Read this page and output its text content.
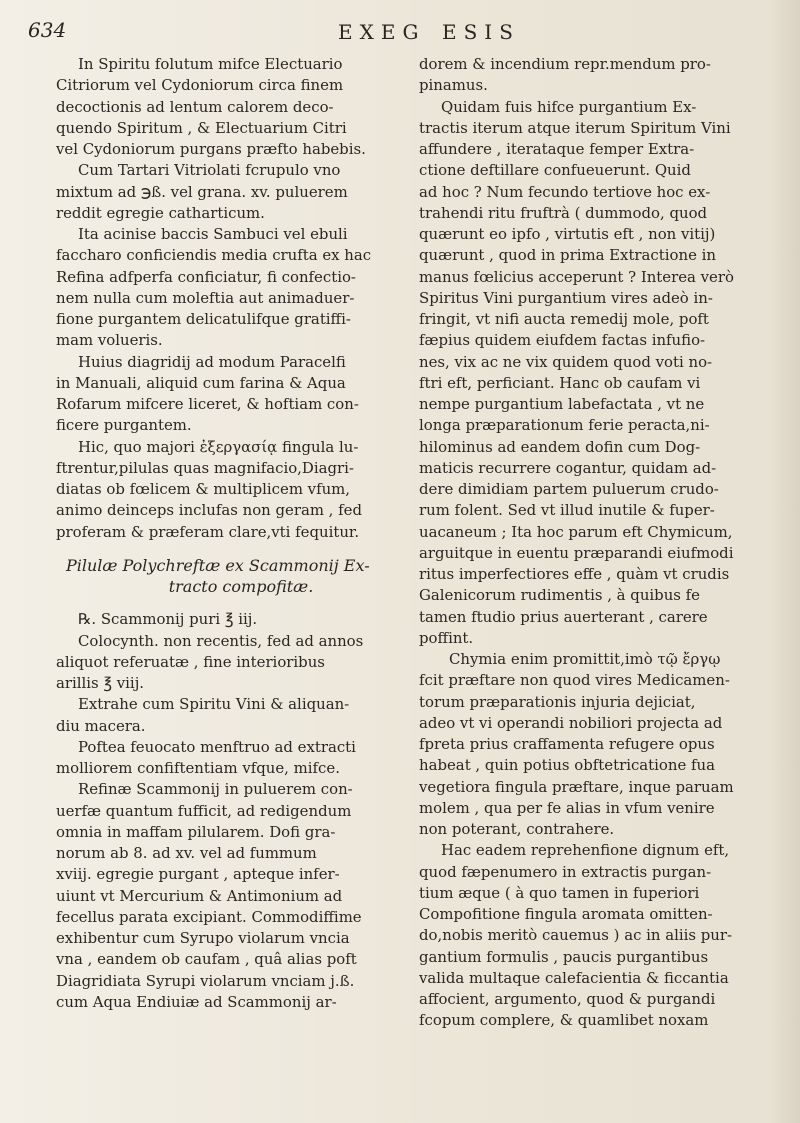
634	EXEG ESIS
In Spiritu folutum mifce Electuario
Citriorum vel Cydoniorum circa finem
decoctionis ad lentum calorem deco-
quendo Spiritum , & Electuarium Citri
vel Cydoniorum purgans præfto habebis.
Cum Tartari Vitriolati fcrupulo vno
mixtum ad ℈ß. vel grana. xv. puluerem
reddit egregie catharticum.
Ita acinise baccis Sambuci vel ebuli
faccharo conficiendis media crufta ex hac
Refina adfperfa conficiatur, fi confectio-
nem nulla cum moleftia aut animaduer-
fione purgantem delicatulifque gratiffi-
mam volueris.
Huius diagridij ad modum Paracelfi
in Manuali, aliquid cum farina & Aqua
Rofarum mifcere liceret, & hoftiam con-
ficere purgantem.
Hic, quo majori ἐξεργασίᾳ fingula lu-
ftrentur,pilulas quas magnifacio,Diagri-
diatas ob fœlicem & multiplicem vfum,
animo deinceps inclufas non geram , fed
proferam & præferam clare,vti fequitur.
Pilulæ Polychreftæ ex Scammonij Ex-
tracto compofitæ.
℞. Scammonij puri ℥ iij.
Colocynth. non recentis, fed ad annos
aliquot referuatæ , fine interioribus
arillis ℥ viij.
Extrahe cum Spiritu Vini & aliquan-
diu macera.
Poftea feuocato menftruo ad extracti
molliorem confiftentiam vfque, mifce.
Refinæ Scammonij in puluerem con-
uerfæ quantum fufficit, ad redigendum
omnia in maffam pilularem. Dofi gra-
norum ab 8. ad xv. vel ad fummum
xviij. egregie purgant , apteque infer-
uiunt vt Mercurium & Antimonium ad
fecellus parata excipiant. Commodiffime
exhibentur cum Syrupo violarum vncia
vna , eandem ob caufam , quâ alias poft
Diagridiata Syrupi violarum vnciam j.ß.
cum Aqua Endiuiæ ad Scammonij ar-
dorem & incendium repr.mendum pro-
pinamus.
Quidam fuis hifce purgantium Ex-
tractis iterum atque iterum Spiritum Vini
affundere , iterataque femper Extra-
ctione deftillare confueuerunt. Quid
ad hoc ? Num fecundo tertiove hoc ex-
trahendi ritu fruftrà ( dummodo, quod
quærunt eo ipfo , virtutis eft , non vitij)
quærunt , quod in prima Extractione in
manus fœlicius acceperunt ? Interea verò
Spiritus Vini purgantium vires adeò in-
fringit, vt nifi aucta remedij mole, poft
fæpius quidem eiufdem factas infufio-
nes, vix ac ne vix quidem quod voti no-
ftri eft, perficiant. Hanc ob caufam vi
nempe purgantium labefactata , vt ne
longa præparationum ferie peracta,ni-
hilominus ad eandem dofin cum Dog-
maticis recurrere cogantur, quidam ad-
dere dimidiam partem puluerum crudo-
rum folent. Sed vt illud inutile & fuper-
uacaneum ; Ita hoc parum eft Chymicum,
arguitque in euentu præparandi eiufmodi
ritus imperfectiores effe , quàm vt crudis
Galenicorum rudimentis , à quibus fe
tamen ftudio prius auerterant , carere
poffint.
Chymia enim promittit,imò τῷ ἔργῳ
fcit præftare non quod vires Medicamen-
torum præparationis injuria dejiciat,
adeo vt vi operandi nobiliori projecta ad
fpreta prius craffamenta refugere opus
habeat , quin potius obftetricatione fua
vegetiora fingula præftare, inque paruam
molem , qua per fe alias in vfum venire
non poterant, contrahere.
Hac eadem reprehenfione dignum eft,
quod fæpenumero in extractis purgan-
tium æque ( à quo tamen in fuperiori
Compofitione fingula aromata omitten-
do,nobis meritò cauemus ) ac in aliis pur-
gantium formulis , paucis purgantibus
valida multaque calefacientia & ficcantia
affocient, argumento, quod & purgandi
fcopum complere, & quamlibet noxam
